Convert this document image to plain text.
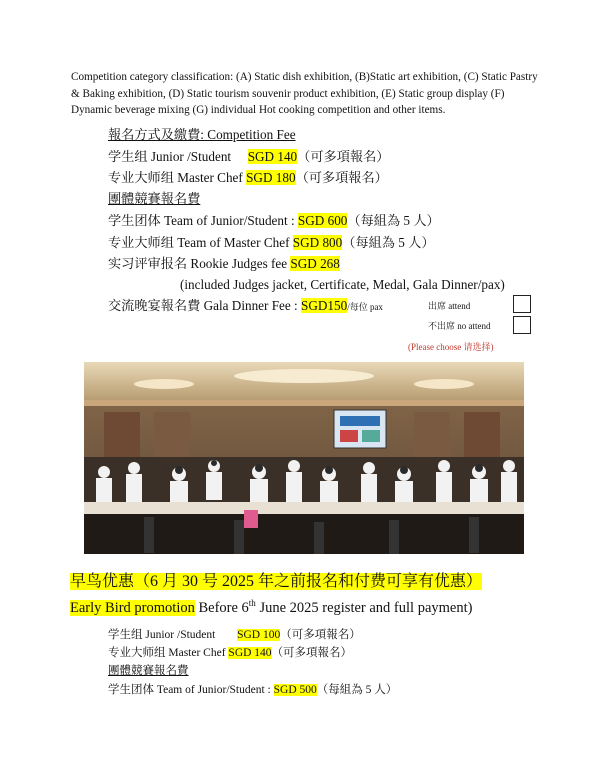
Competition category classification: (A) Static dish exhibition, (B)Static art exhibition, (C) Static Pastry & Baking exhibition, (D) Static tourism souvenir product exhibition, (E) Static group display (F) Dynamic beverage mixing (G) individual Hot cooking competition and other items.
報名方式及繳費: Competition Fee
学生组 Junior /Student SGD 140（可多項報名）
专业大师组 Master Chef SGD 180（可多項報名）
團體競賽報名費
学生团体 Team of Junior/Student : SGD 600（每組為 5 人）
专业大师组 Team of Master Chef SGD 800（每組為 5 人）
实习评审报名 Rookie Judges fee SGD 268
(included Judges jacket, Certificate, Medal, Gala Dinner/pax)
交流晚宴報名費 Gala Dinner Fee : SGD150/每位 pax	出席 attend
不出席 no attend
(Please choose 请选择)
早鸟优惠（6 月 30 号 2025 年之前报名和付费可享有优惠）
Early Bird promotion Before 6th June 2025 register and full payment)
学生组 Junior /Student SGD 100（可多項報名）
专业大师组 Master Chef SGD 140（可多項報名）
團體競賽報名費
学生团体 Team of Junior/Student : SGD 500（每組為 5 人）
